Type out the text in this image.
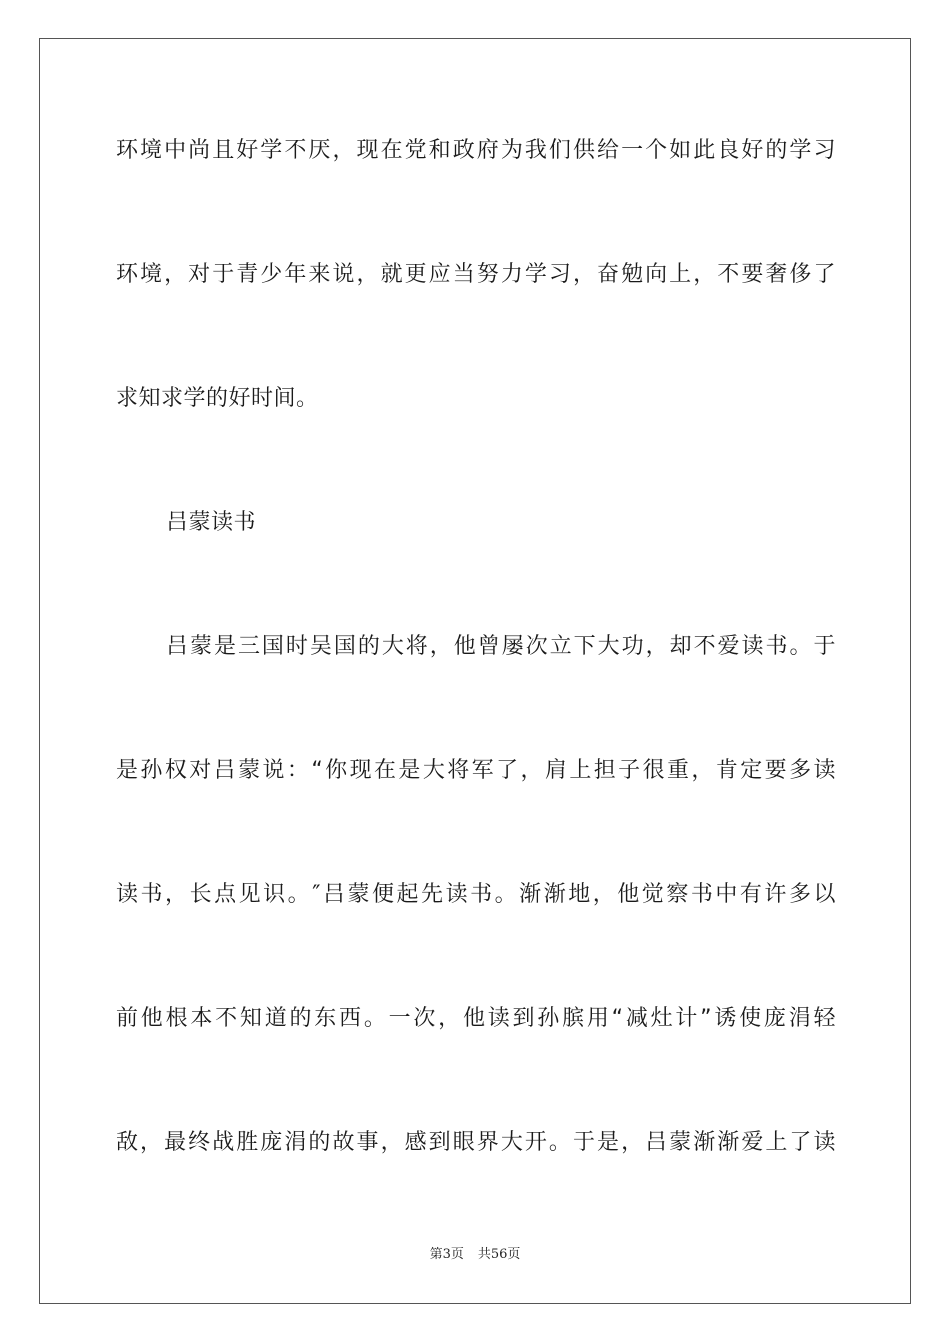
环境中尚且好学不厌，现在党和政府为我们供给一个如此良好的学习
环境，对于青少年来说，就更应当努力学习，奋勉向上，不要奢侈了
求知求学的好时间。
吕蒙读书
吕蒙是三国时吴国的大将，他曾屡次立下大功，却不爱读书。于
是孙权对吕蒙说：“你现在是大将军了，肩上担子很重，肯定要多读
读书，长点见识。″吕蒙便起先读书。渐渐地，他觉察书中有许多以
前他根本不知道的东西。一次，他读到孙膑用“减灶计”诱使庞涓轻
敌，最终战胜庞涓的故事，感到眼界大开。于是，吕蒙渐渐爱上了读
第3页 共56页
